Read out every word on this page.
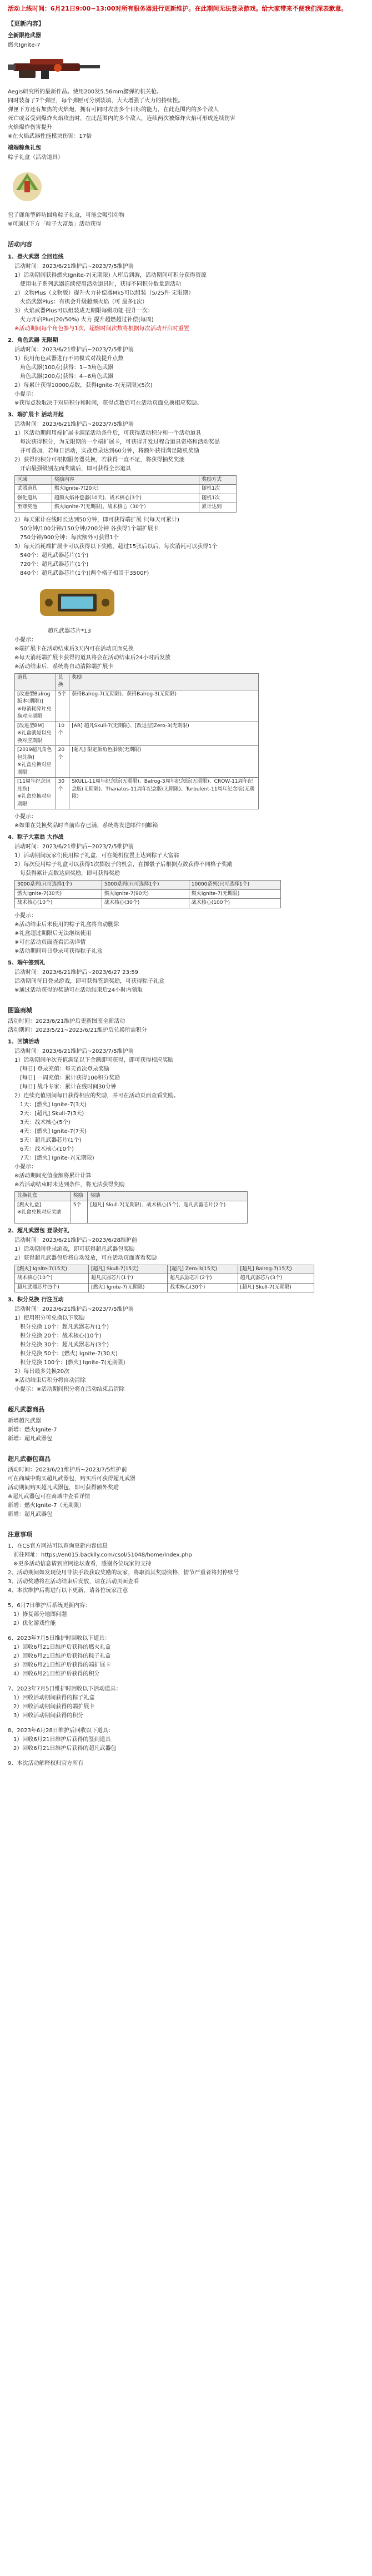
活动上线时间：6月21日9:00~13:00对所有服务器进行更新维护。在此期间无法登录游戏。给大家带来不便我们深表歉意。
【更新内容】

全新限枪武器

燃火Ignite-7

Aegis研究所的最新作品。使用200发5.56mm腰弹的机关枪。

同时装备了7个弹匣，每个弹匣可分别装填，大大增强了火力的持续性。

弹匣下方还有加热的火焰炮，拥有可同时攻击多个目标的能力，在此范围内的多个敌人

死亡或者受到爆炸火焰攻击时，在此范围内的多个敌人，连续两次被爆炸火焰可形成连续伤害

火焰爆炸伤害提升

※在火焰武器性能模块伤害：17倍

端端粽鱼礼包

粽子礼盒（活动道具）

包了鹿角型碎坊圆角粽子礼盒，可能会吸引动物

※可通过下方「粽子大富翁」活动获得

活动内容

1、登火武器 全回连线

活动时间：2023/6/21维护后~2023/7/5维护前

1）活动期间获得燃火Ignite-7(无期限) 入库后到游，活动期间可积分获得资源

　使用电子系列武器连续使用活动道具时，获得不同积分数量到活动

2）文物Plus（文物版）提升火力补偿器Mk5可以组装（5/25件 无限期）

　火焰武器Plus：有机会升级超频火焰（可 最多1次）

3）火焰武器Plus可以组装成无期限每级功能 提升一次：

　火力开启Plus(20/50%) 火力 提升超燃超过补偿(每周)

※活动期间每个角色参与1次，超燃时间次数将根据每次活动开启时重置

2、角色武器 无限期

活动时间：2023/6/21维护后~2023/7/5维护前

1）使用角色武器进行不同模式对战提升点数

　角色武器(100点)获得：1~3角色武器

　角色武器(200点)获得：4~6角色武器

2）每累计获得10000点数，获得Ignite-7(无期限)(5次)

小提示：

※获得点数取决于对局积分和时间，获得点数后可在活动页面兑换相应奖励。

3、端扩展卡 活动开起

活动时间：2023/6/21维护后~2023/7/5维护前

1）区活动期间用端扩展卡满足活动条件后，可获得活动积分和一个活动道具

　每次获得积分，为无限期的一个端扩展卡，可获得开发过程合道具资格和活动奖品

　并可叠加，若每日活动，实战登录达到60分钟，将额外获得满足随机奖励

2）获得的积分可根据服务器兑换，若获得一直不足，将获得抽奖奖池

　开启最强级别左面奖励后，即可获得全部道具

区域	奖励内容	奖励方式
武器道具	燃火Ignite-7(20天)	随机1次
强化道具	超频火焰补偿器(10天)、战术核心(3个)	随机1次
至尊奖池	燃火Ignite-7(无期限)、战术核心（30个）	累计达到

2）每天累计在线时长达到50分钟，即可获得端扩展卡(每天可累计)

　50分钟/100分钟/150分钟/200分钟 各获得1个端扩展卡

　750分钟/900分钟：每次额外可获得1个

3）每天消耗端扩展卡可以获得以下奖励，超过15张后以后，每次消耗可以获得1个

　540个：超凡武器芯片(1个)

　720个：超凡武器芯片(1个)

　840个：超凡武器芯片(1个)(两个格子相当于3500F)

超凡武器芯片*13

小提示：

※端扩展卡在活动结束后3天内可在活动页面兑换

※每天消耗端扩展卡获得的道具将会在活动结束后24小时后发放

※活动结束后，系统将自动清除端扩展卡

道具	兑换	奖励
[改进型Balrog版本(期限)]
※每消耗碎片兑换对应期限	5个	获得Balrog-7(无期限)、获得Balrog-3(无期限)
[改进型BM]
※礼盒就是以兑换对应期限	10个	[AR] 超凡Skull-7(无期限)、[改进型]Zero-3(无期限)
[2019超凡角色包兑换]
※礼盒兑换对应期限	20个	[超凡] 限定版角色服装(无期限)
[11周年纪念包兑换]
※礼盒兑换对应期限	30个	SKULL-11周年纪念版(无期限)、Balrog-3周年纪念版(无期限)、CROW-11周年纪念版(无期限)、Thanatos-11周年纪念版(无期限)、Turbulent-11周年纪念版(无期限)

小提示：

※如果在兑换奖品时当前库存已满，系统将发送邮件到邮箱

4、粽子大富翁 大作战

活动时间：2023/6/21维护后~2023/7/5维护前

1）活动期间玩家们使用粽子礼盒，可在随机位置上达到粽子大富翁

2）每次使用粽子礼盒可以获得1次掷骰子的机会，在掷骰子后根据点数获得不同格子奖励

　每获得累计点数达到奖励，即可获得奖励

3000系列(只可选择1个)	5000系列(只可选择1个)	10000系列(只可选择1个)
燃火Ignite-7(30天)	燃火Ignite-7(90天)	燃火Ignite-7(无期限)
战术核心(10个)	战术核心(30个)	战术核心(100个)

小提示：

※活动结束后未使用的粽子礼盒将自动删除

※礼盒超过期限后无法继续使用

※可在活动页面查看活动详情

※活动期间每日登录可获得粽子礼盒

5、端午签到礼

活动时间：2023/6/21维护后~2023/6/27 23:59

活动期间每日登录游戏，即可获得签到奖励，可获得粽子礼盒

※通过活动获得的奖励可在活动结束后24小时内领取

图鉴商城

活动时间：2023/6/21维护后更新图鉴全新活动

活动期间：2023/5/21~2023/6/21维护后兑换所需积分

1、回馈活动

活动时间：2023/6/21维护后~2023/7/5维护前

1）活动期间单次充值满足以下金额即可获得，即可获得相应奖励

　[每日] 登录充值：每天首次登录奖励

　[每日] 一周充值：累计获得100积分奖励

　[每日] 战斗专家：累计在线时间30分钟

2）连续充值期间每日获得相应的奖励，并可在活动页面查看奖励。

　1天：[燃火] Ignite-7(3天)

　2天：[超凡] Skull-7(3天)

　3天：战术核心(5个)

　4天：[燃火] Ignite-7(7天)

　5天：超凡武器芯片(1个)

　6天：战术核心(10个)

　7天：[燃火] Ignite-7(无期限)

小提示：

※活动期间充值金额将累计计算

※若活动结束时未达到条件，将无法获得奖励

兑换礼盒	奖励	奖励
[燃火礼盒]
※礼盒兑换对应奖励	5个	[超凡] Skull-7(无期限)、战术核心(5个)、超凡武器芯片(2个)

2、超凡武器包 登录好礼

活动时间：2023/6/21维护后~2023/6/28维护前

1）活动期间登录游戏，即可获得超凡武器包奖励

2）获得超凡武器包后将自动发放，可在活动页面查看奖励

[燃火] Ignite-7(15天)	[超凡] Skull-7(15天)	[超凡] Zero-3(15天)	[超凡] Balrog-7(15天)
战术核心(10个)	超凡武器芯片(1个)	超凡武器芯片(2个)	超凡武器芯片(3个)
超凡武器芯片(5个)	[燃火] Ignite-7(无期限)	战术核心(30个)	[超凡] Skull-7(无期限)

3、积分兑换 行注互动

活动时间：2023/6/21维护后~2023/7/5维护前

1）使用积分可兑换以下奖励

　积分兑换 10个：超凡武器芯片(1个)

　积分兑换 20个：战术核心(10个)

　积分兑换 30个：超凡武器芯片(3个)

　积分兑换 50个：[燃火] Ignite-7(30天)

　积分兑换 100个：[燃火] Ignite-7(无期限)

2）每日最多兑换20次

※活动结束后积分将自动清除

小提示：※活动期间积分将在活动结束后清除

超凡武器商品

新增超凡武器

新增：燃火Ignite-7

新增：超凡武器包

超凡武器包商品

活动时间：2023/6/21维护后~2023/7/5维护前

可在商城中购买超凡武器包，购买后可获得超凡武器

活动期间购买超凡武器包，即可获得额外奖励

※超凡武器包可在商城中查看详情

新增：燃火Ignite-7（无期限）

新增：超凡武器包

注意事项

1、在CS官方网站可以查询更新内容信息

　前往网址：https://en015.backlly.com/csol/51048/home/index.php

　※更多活动信息请到官网论坛查看，感谢各位玩家的支持

2、活动期间如发现使用非法手段获取奖励的玩家，将取消其奖励资格，情节严重者将封停账号

3、活动奖励将在活动结束后发放，请在活动页面查看

4、本次维护后将进行以下更新，请各位玩家注意

5、6月7日维护后系统更新内容：

　1）修复部分地图问题

　2）优化游戏性能

6、2023年7月5日维护时回收以下道具：

　1）回收6月21日维护后获得的燃火礼盒

　2）回收6月21日维护后获得的粽子礼盒

　3）回收6月21日维护后获得的端扩展卡

　4）回收6月21日维护后获得的积分

7、2023年7月5日维护时回收以下活动道具：

　1）回收活动期间获得的粽子礼盒

　2）回收活动期间获得的端扩展卡

　3）回收活动期间获得的积分

8、2023年6月28日维护后回收以下道具：

　1）回收6月21日维护后获得的签到道具

　2）回收6月21日维护后获得的超凡武器包

9、本次活动解释权归官方所有
